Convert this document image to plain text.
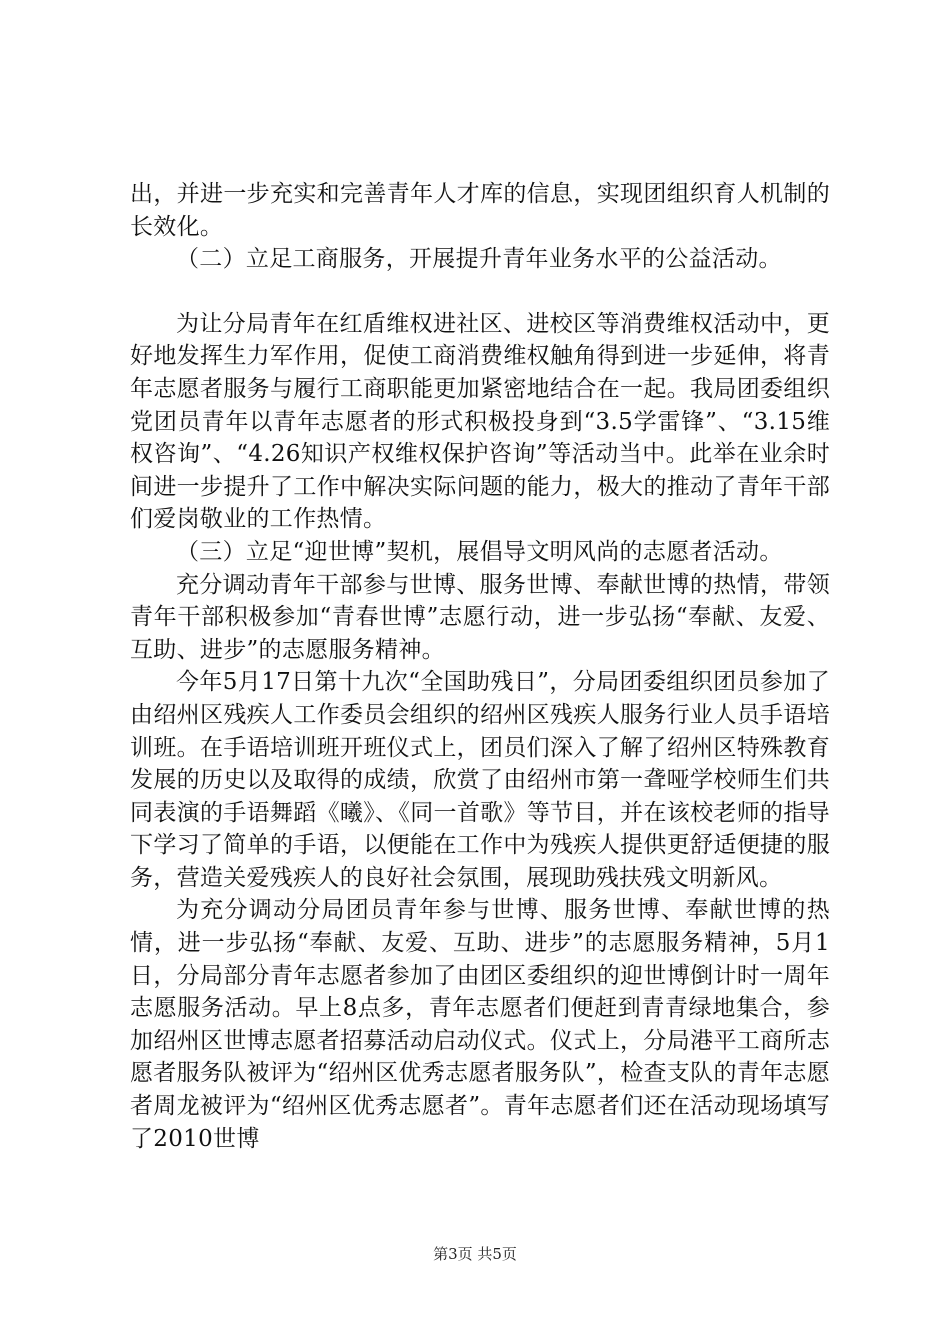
出，并进一步充实和完善青年人才库的信息，实现团组织育人机制的长效化。

（二）立足工商服务，开展提升青年业务水平的公益活动。

为让分局青年在红盾维权进社区、进校区等消费维权活动中，更好地发挥生力军作用，促使工商消费维权触角得到进一步延伸，将青年志愿者服务与履行工商职能更加紧密地结合在一起。我局团委组织党团员青年以青年志愿者的形式积极投身到“3.5学雷锋”、“3.15维权咨询”、“4.26知识产权维权保护咨询”等活动当中。此举在业余时间进一步提升了工作中解决实际问题的能力，极大的推动了青年干部们爱岗敬业的工作热情。

（三）立足“迎世博”契机，展倡导文明风尚的志愿者活动。

充分调动青年干部参与世博、服务世博、奉献世博的热情，带领青年干部积极参加“青春世博”志愿行动，进一步弘扬“奉献、友爱、互助、进步”的志愿服务精神。

今年5月17日第十九次“全国助残日”，分局团委组织团员参加了由绍州区残疾人工作委员会组织的绍州区残疾人服务行业人员手语培训班。在手语培训班开班仪式上，团员们深入了解了绍州区特殊教育发展的历史以及取得的成绩，欣赏了由绍州市第一聋哑学校师生们共同表演的手语舞蹈《曦》、《同一首歌》等节目，并在该校老师的指导下学习了简单的手语，以便能在工作中为残疾人提供更舒适便捷的服务，营造关爱残疾人的良好社会氛围，展现助残扶残文明新风。

为充分调动分局团员青年参与世博、服务世博、奉献世博的热情，进一步弘扬“奉献、友爱、互助、进步”的志愿服务精神，5月1日，分局部分青年志愿者参加了由团区委组织的迎世博倒计时一周年志愿服务活动。早上8点多，青年志愿者们便赶到青青绿地集合，参加绍州区世博志愿者招募活动启动仪式。仪式上，分局港平工商所志愿者服务队被评为“绍州区优秀志愿者服务队”，检查支队的青年志愿者周龙被评为“绍州区优秀志愿者”。青年志愿者们还在活动现场填写了2010世博

第3页 共5页
